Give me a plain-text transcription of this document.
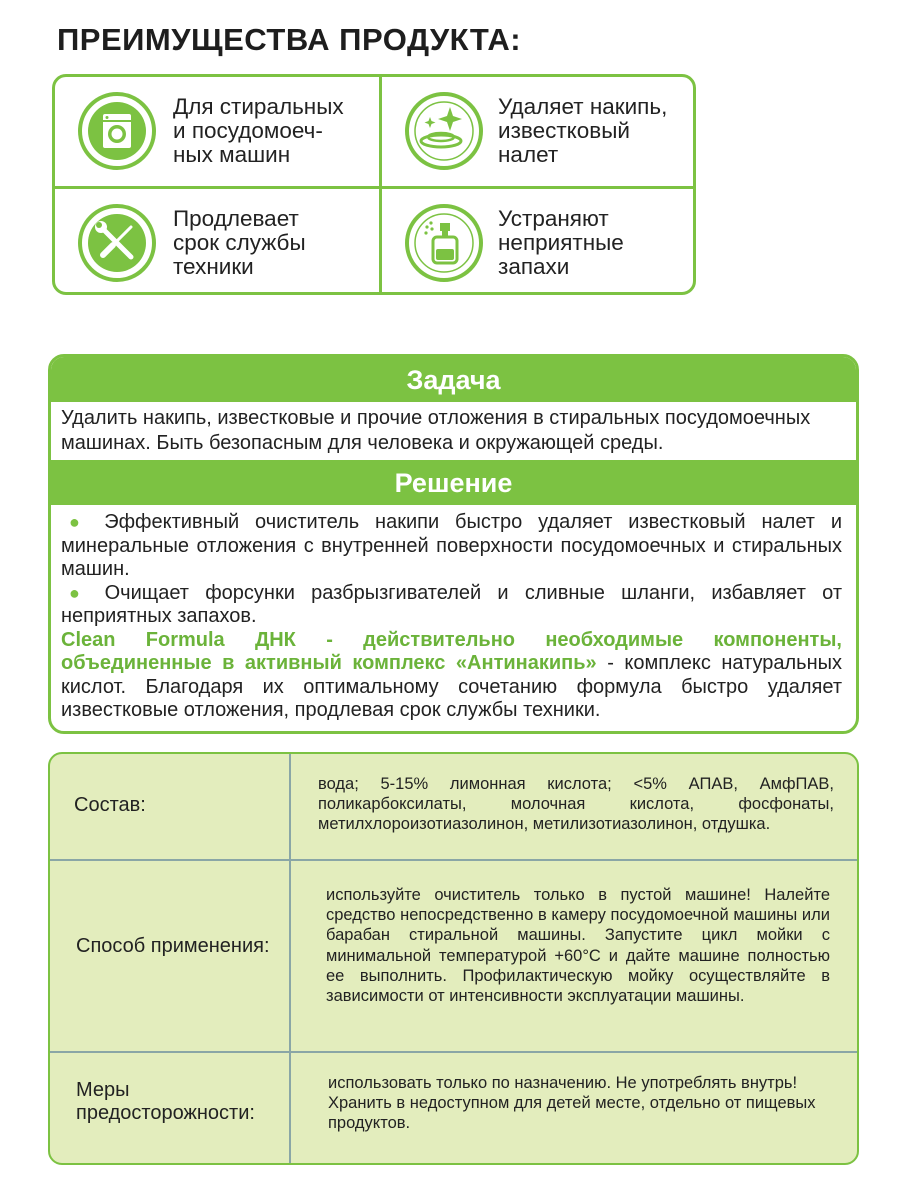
ПРЕИМУЩЕСТВА ПРОДУКТА:
Для стиральных
и посудомоеч-
ных машин
Удаляет накипь,
известковый
налет
Продлевает
срок службы
техники
Устраняют
неприятные
запахи
Задача
Удалить накипь, известковые и прочие отложения в стиральных посудомоечных машинах. Быть безопасным для человека и окружающей среды.
Решение

● Эффективный очиститель накипи быстро удаляет известковый налет и минеральные отложения с внутренней поверхности посудомоечных и стиральных машин.

● Очищает форсунки разбрызгивателей и сливные шланги, избавляет от неприятных запахов.

Clean Formula ДНК - действительно необходимые компоненты, объединенные в активный комплекс «Антинакипь» - комплекс натуральных кислот. Благодаря их оптимальному сочетанию формула быстро удаляет известковые отложения, продлевая срок службы техники.

Состав:
вода; 5-15% лимонная кислота; <5% АПАВ, АмфПАВ, поликарбоксилаты, молочная кислота, фосфонаты, метилхлороизотиазолинон, метилизотиазолинон, отдушка.
Способ применения:
используйте очиститель только в пустой машине! Налейте средство непосредственно в камеру посудомоечной машины или барабан стиральной машины. Запустите цикл мойки с минимальной температурой +60°С и дайте машине полностью ее выполнить. Профилактическую мойку осуществляйте в зависимости от интенсивности эксплуатации машины.
Меры предосторожности:
использовать только по назначению. Не употреблять внутрь! Хранить в недоступном для детей месте, отдельно от пищевых продуктов.
